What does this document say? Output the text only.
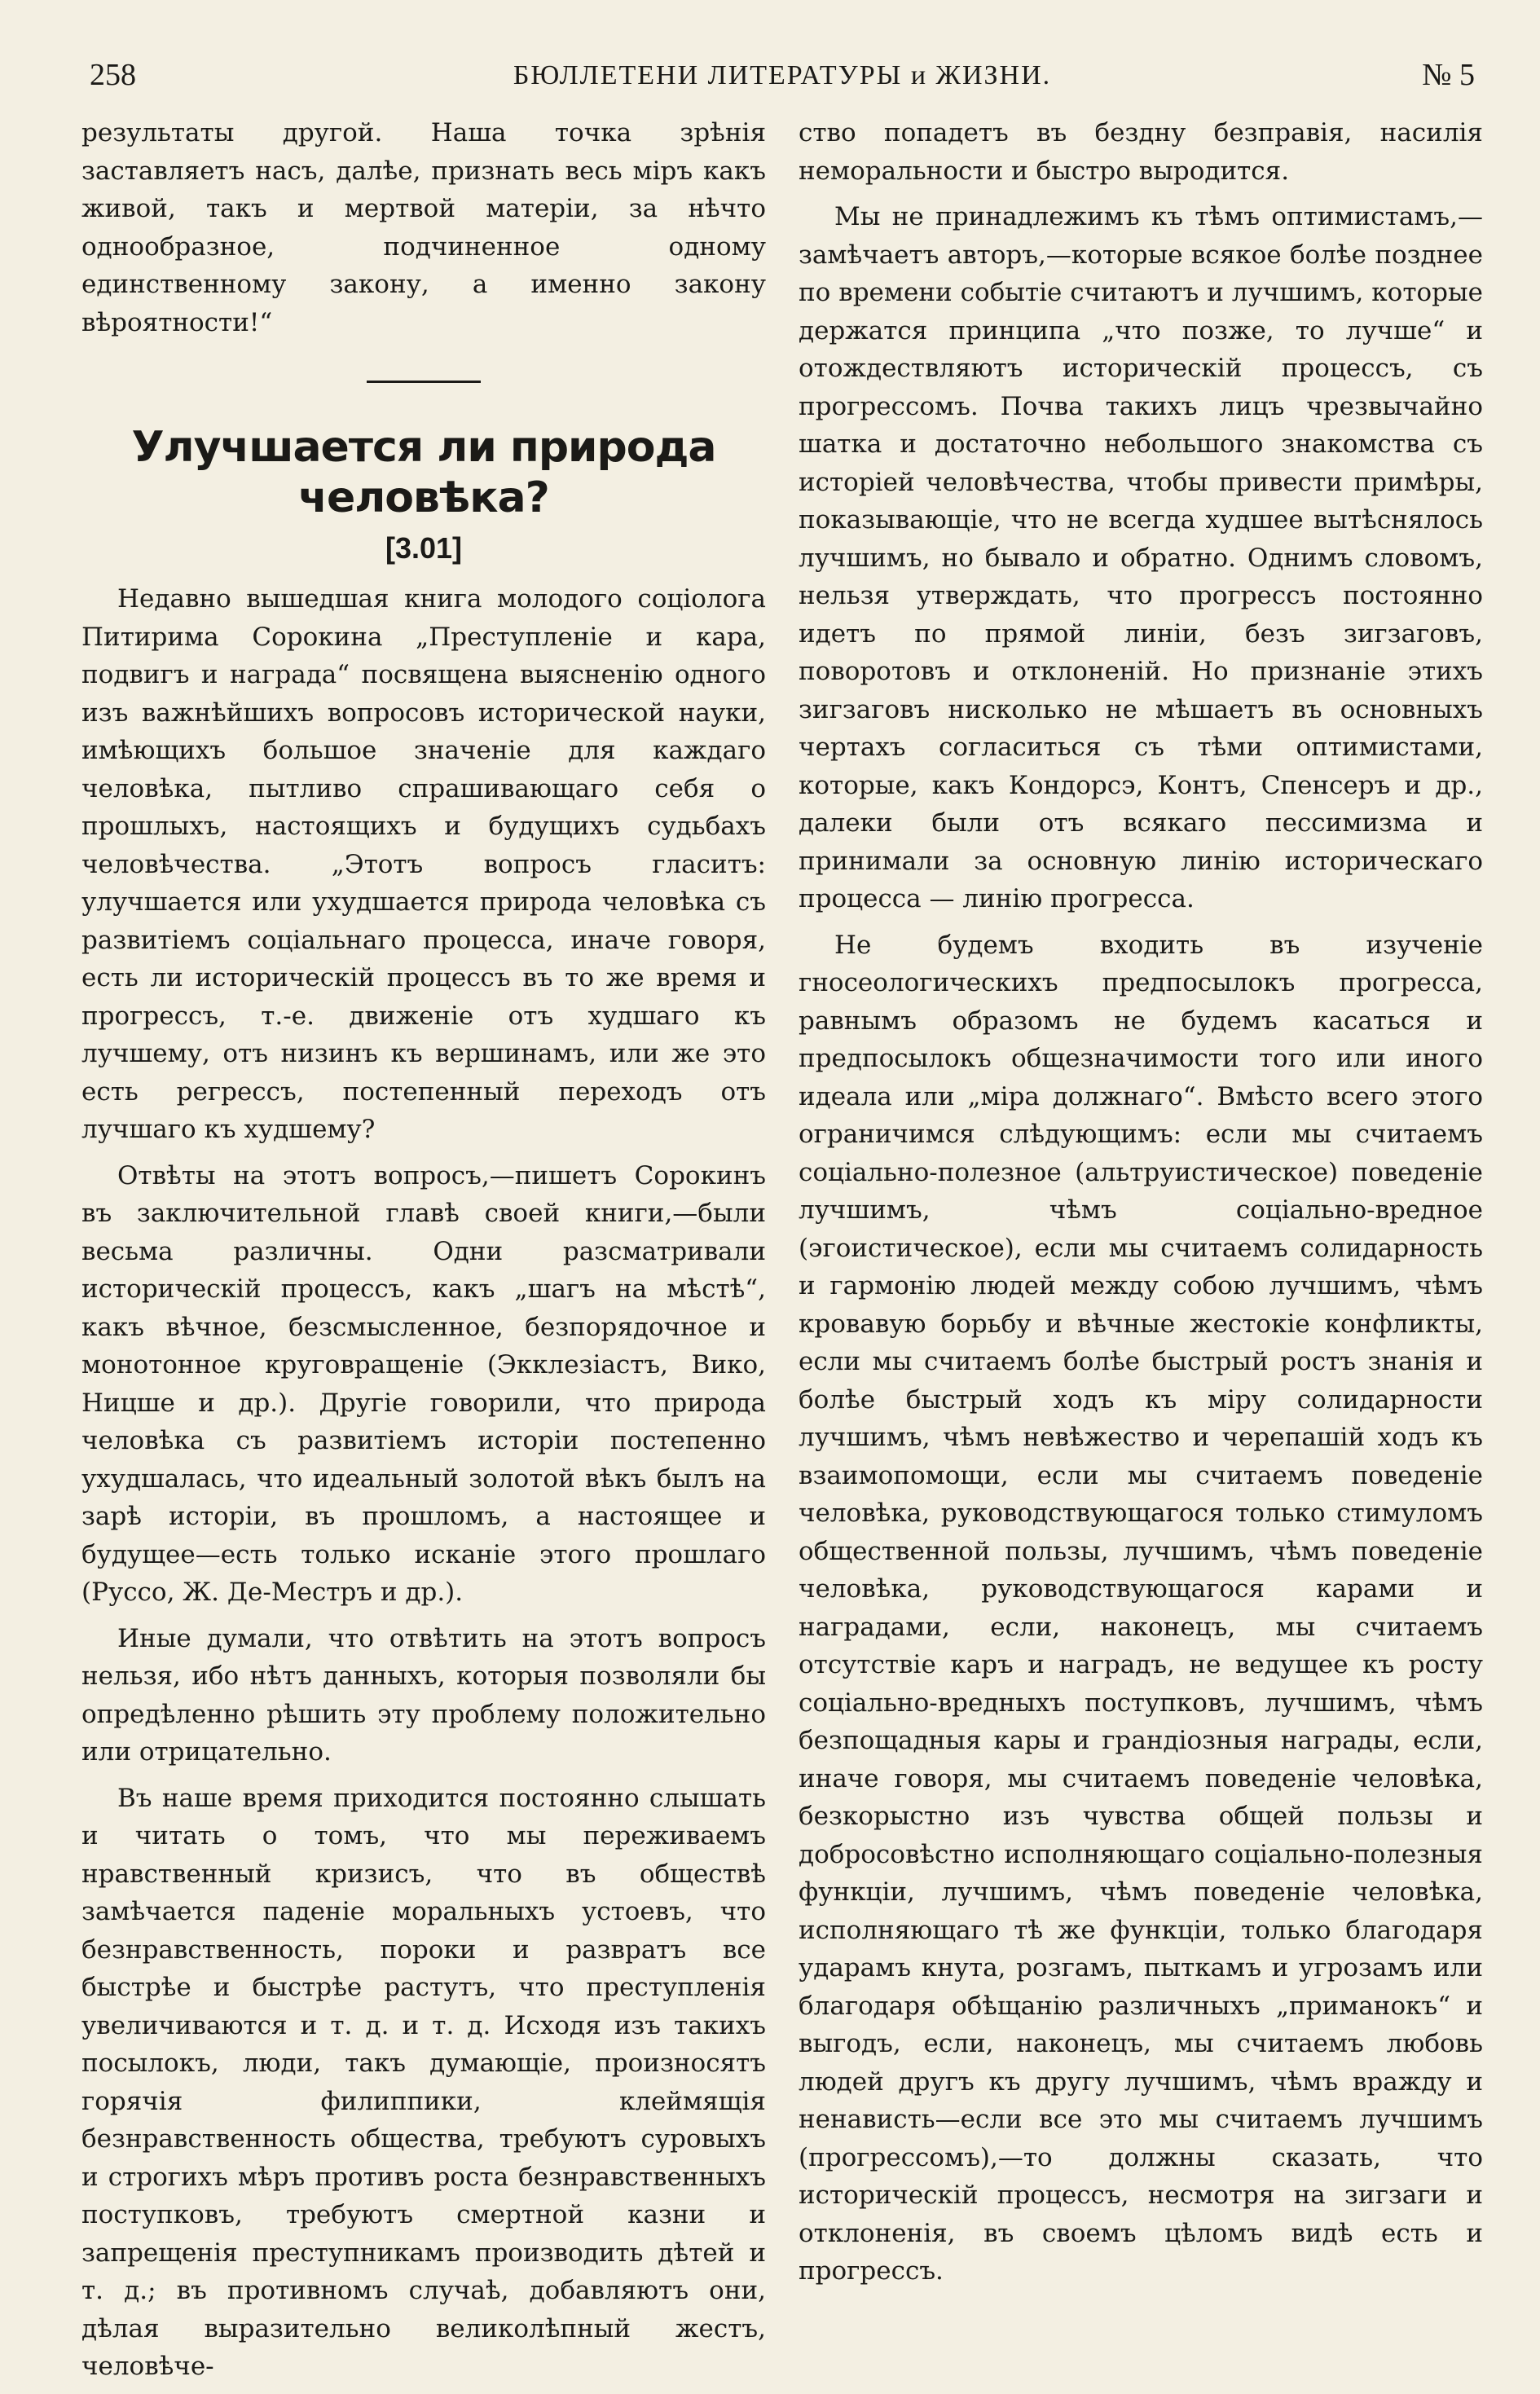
258	БЮЛЛЕТЕНИ ЛИТЕРАТУРЫ и ЖИЗНИ.	№ 5

результаты другой. Наша точка зрѣнія заставляетъ насъ, далѣе, признать весь міръ какъ живой, такъ и мертвой матеріи, за нѣчто однообразное, подчиненное одному единственному закону, а именно закону вѣроятности!“

Улучшается ли природа человѣка?
[3.01]

Недавно вышедшая книга молодого соціолога Питирима Сорокина „Преступленіе и кара, подвигъ и награда“ посвящена выясненію одного изъ важнѣйшихъ вопросовъ исторической науки, имѣющихъ большое значеніе для каждаго человѣка, пытливо спрашивающаго себя о прошлыхъ, настоящихъ и будущихъ судьбахъ человѣчества. „Этотъ вопросъ гласитъ: улучшается или ухудшается природа человѣка съ развитіемъ соціальнаго процесса, иначе говоря, есть ли историческій процессъ въ то же время и прогрессъ, т.-е. движеніе отъ худшаго къ лучшему, отъ низинъ къ вершинамъ, или же это есть регрессъ, постепенный переходъ отъ лучшаго къ худшему?

Отвѣты на этотъ вопросъ,—пишетъ Сорокинъ въ заключительной главѣ своей книги,—были весьма различны. Одни разсматривали историческій процессъ, какъ „шагъ на мѣстѣ“, какъ вѣчное, безсмысленное, безпорядочное и монотонное круговращеніе (Экклезіастъ, Вико, Ницше и др.). Другіе говорили, что природа человѣка съ развитіемъ исторіи постепенно ухудшалась, что идеальный золотой вѣкъ былъ на зарѣ исторіи, въ прошломъ, а настоящее и будущее—есть только исканіе этого прошлаго (Руссо, Ж. Де-Местръ и др.).

Иные думали, что отвѣтить на этотъ вопросъ нельзя, ибо нѣтъ данныхъ, которыя позволяли бы опредѣленно рѣшить эту проблему положительно или отрицательно.

Въ наше время приходится постоянно слышать и читать о томъ, что мы переживаемъ нравственный кризисъ, что въ обществѣ замѣчается паденіе моральныхъ устоевъ, что безнравственность, пороки и развратъ все быстрѣе и быстрѣе растутъ, что преступленія увеличиваются и т. д. и т. д. Исходя изъ такихъ посылокъ, люди, такъ думающіе, произносятъ горячія филиппики, клеймящія безнравственность общества, требуютъ суровыхъ и строгихъ мѣръ противъ роста безнравственныхъ поступковъ, требуютъ смертной казни и запрещенія преступникамъ производить дѣтей и т. д.; въ противномъ случаѣ, добавляютъ они, дѣлая выразительно великолѣпный жестъ, человѣче-

ство попадетъ въ бездну безправія, насилія неморальности и быстро выродится.

Мы не принадлежимъ къ тѣмъ оптимистамъ,— замѣчаетъ авторъ,—которые всякое болѣе позднее по времени событіе считаютъ и лучшимъ, которые держатся принципа „что позже, то лучше“ и отождествляютъ историческій процессъ, съ прогрессомъ. Почва такихъ лицъ чрезвычайно шатка и достаточно небольшого знакомства съ исторіей человѣчества, чтобы привести примѣры, показывающіе, что не всегда худшее вытѣснялось лучшимъ, но бывало и обратно. Однимъ словомъ, нельзя утверждать, что прогрессъ постоянно идетъ по прямой линіи, безъ зигзаговъ, поворотовъ и отклоненій. Но признаніе этихъ зигзаговъ нисколько не мѣшаетъ въ основныхъ чертахъ согласиться съ тѣми оптимистами, которые, какъ Кондорсэ, Контъ, Спенсеръ и др., далеки были отъ всякаго пессимизма и принимали за основную линію историческаго процесса — линію прогресса.

Не будемъ входить въ изученіе гносеологическихъ предпосылокъ прогресса, равнымъ образомъ не будемъ касаться и предпосылокъ общезначимости того или иного идеала или „міра должнаго“. Вмѣсто всего этого ограничимся слѣдующимъ: если мы считаемъ соціально-полезное (альтруистическое) поведеніе лучшимъ, чѣмъ соціально-вредное (эгоистическое), если мы считаемъ солидарность и гармонію людей между собою лучшимъ, чѣмъ кровавую борьбу и вѣчные жестокіе конфликты, если мы считаемъ болѣе быстрый ростъ знанія и болѣе быстрый ходъ къ міру солидарности лучшимъ, чѣмъ невѣжество и черепашій ходъ къ взаимопомощи, если мы считаемъ поведеніе человѣка, руководствующагося только стимуломъ общественной пользы, лучшимъ, чѣмъ поведеніе человѣка, руководствующагося карами и наградами, если, наконецъ, мы считаемъ отсутствіе каръ и наградъ, не ведущее къ росту соціально-вредныхъ поступковъ, лучшимъ, чѣмъ безпощадныя кары и грандіозныя награды, если, иначе говоря, мы считаемъ поведеніе человѣка, безкорыстно изъ чувства общей пользы и добросовѣстно исполняющаго соціально-полезныя функціи, лучшимъ, чѣмъ поведеніе человѣка, исполняющаго тѣ же функціи, только благодаря ударамъ кнута, розгамъ, пыткамъ и угрозамъ или благодаря обѣщанію различныхъ „приманокъ“ и выгодъ, если, наконецъ, мы считаемъ любовь людей другъ къ другу лучшимъ, чѣмъ вражду и ненависть—если все это мы считаемъ лучшимъ (прогрессомъ),—то должны сказать, что историческій процессъ, несмотря на зигзаги и отклоненія, въ своемъ цѣломъ видѣ есть и прогрессъ.
